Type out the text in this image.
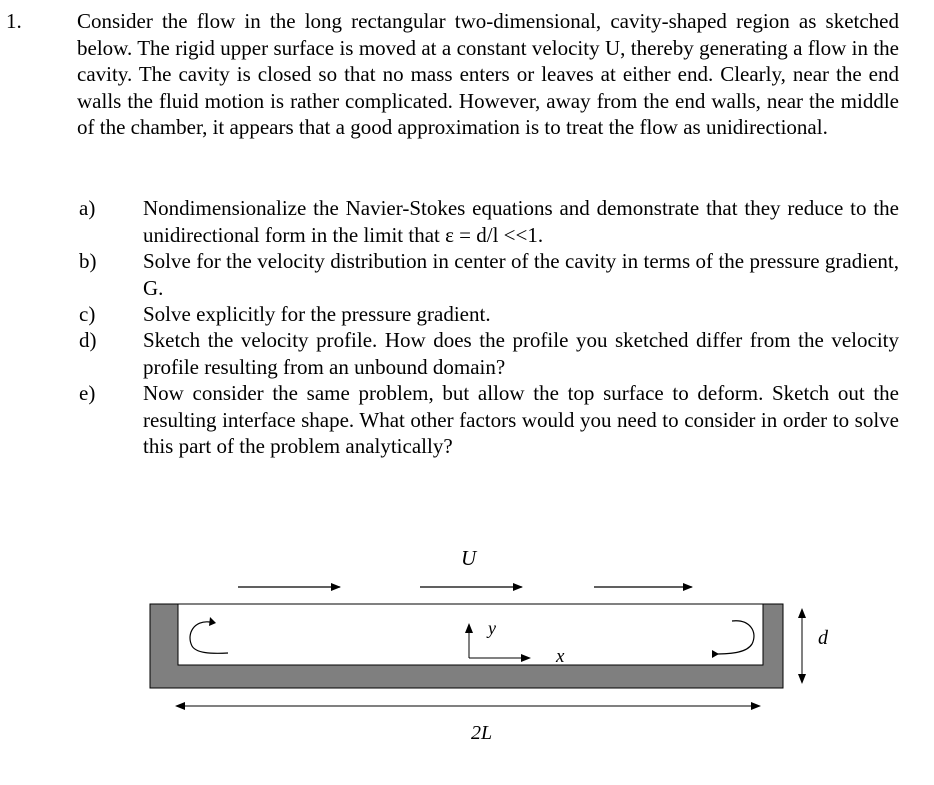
1.	Consider the flow in the long rectangular two-dimensional, cavity-shaped region as sketched below. The rigid upper surface is moved at a constant velocity U, thereby generating a flow in the cavity. The cavity is closed so that no mass enters or leaves at either end. Clearly, near the end walls the fluid motion is rather complicated. However, away from the end walls, near the middle of the chamber, it appears that a good approximation is to treat the flow as unidirectional.

a) Nondimensionalize the Navier-Stokes equations and demonstrate that they reduce to the unidirectional form in the limit that ε = d/l <<1.

b) Solve for the velocity distribution in center of the cavity in terms of the pressure gradient, G.

c) Solve explicitly for the pressure gradient.

d) Sketch the velocity profile. How does the profile you sketched differ from the velocity profile resulting from an unbound domain?

e) Now consider the same problem, but allow the top surface to deform. Sketch out the resulting interface shape. What other factors would you need to consider in order to solve this part of the problem analytically?

U
y
x
d
2L
